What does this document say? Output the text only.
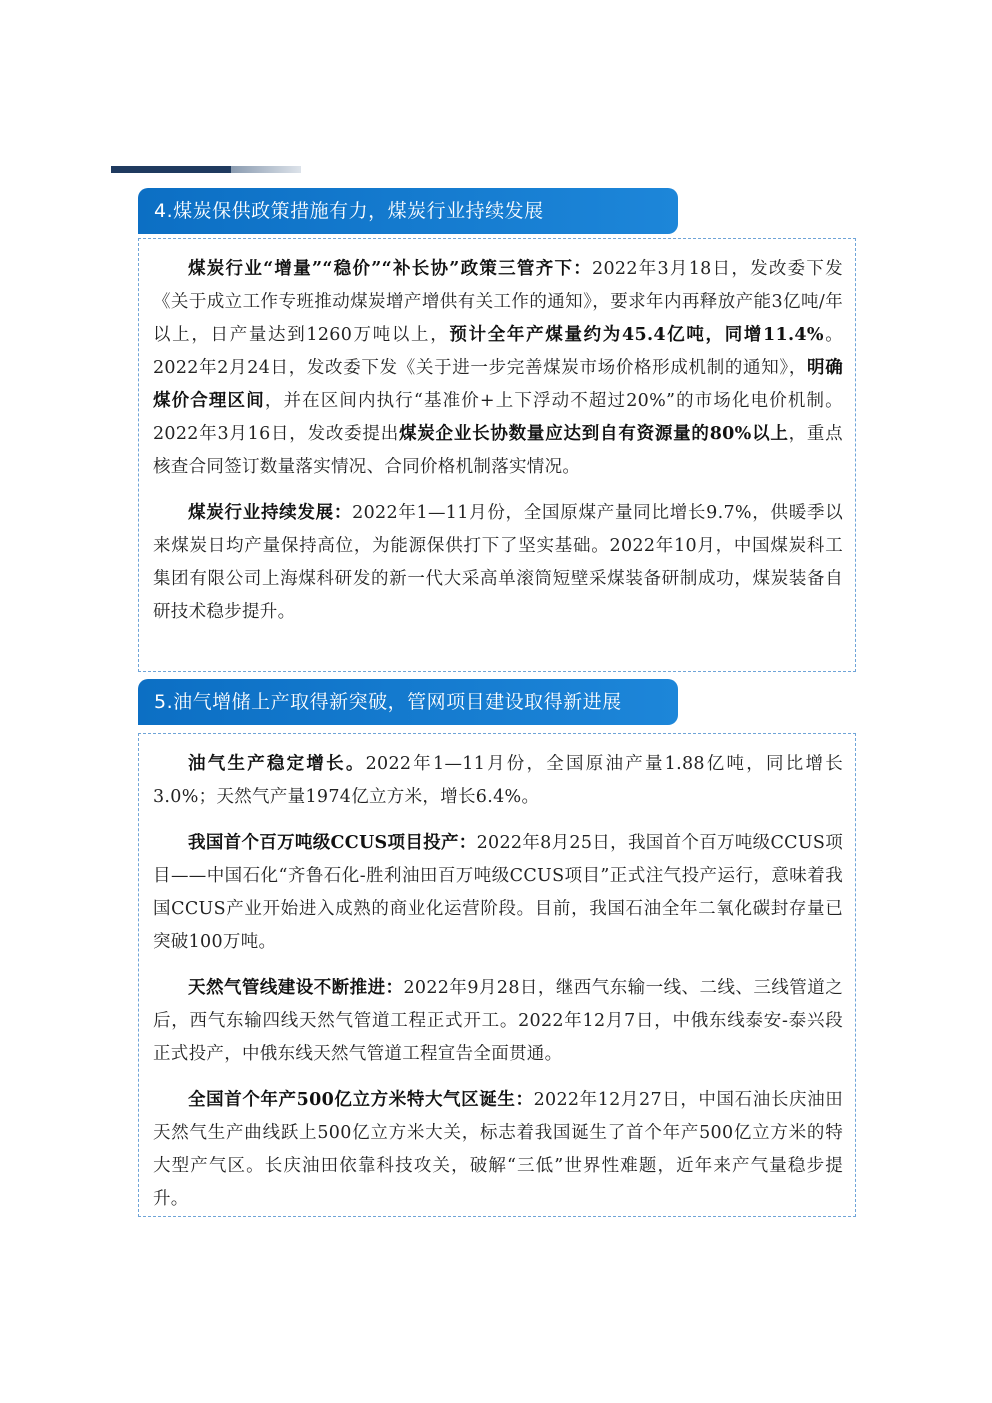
4.煤炭保供政策措施有力，煤炭行业持续发展

煤炭行业“增量”“稳价”“补长协”政策三管齐下：2022年3月18日，发改委下发《关于成立工作专班推动煤炭增产增供有关工作的通知》，要求年内再释放产能3亿吨/年以上，日产量达到1260万吨以上，预计全年产煤量约为45.4亿吨，同增11.4%。2022年2月24日，发改委下发《关于进一步完善煤炭市场价格形成机制的通知》，明确煤价合理区间，并在区间内执行“基准价+上下浮动不超过20%”的市场化电价机制。2022年3月16日，发改委提出煤炭企业长协数量应达到自有资源量的80%以上，重点核查合同签订数量落实情况、合同价格机制落实情况。

煤炭行业持续发展：2022年1—11月份，全国原煤产量同比增长9.7%，供暖季以来煤炭日均产量保持高位，为能源保供打下了坚实基础。2022年10月，中国煤炭科工集团有限公司上海煤科研发的新一代大采高单滚筒短壁采煤装备研制成功，煤炭装备自研技术稳步提升。

5.油气增储上产取得新突破，管网项目建设取得新进展

油气生产稳定增长。2022年1—11月份，全国原油产量1.88亿吨，同比增长3.0%；天然气产量1974亿立方米，增长6.4%。

我国首个百万吨级CCUS项目投产：2022年8月25日，我国首个百万吨级CCUS项目——中国石化“齐鲁石化-胜利油田百万吨级CCUS项目”正式注气投产运行，意味着我国CCUS产业开始进入成熟的商业化运营阶段。目前，我国石油全年二氧化碳封存量已突破100万吨。

天然气管线建设不断推进：2022年9月28日，继西气东输一线、二线、三线管道之后，西气东输四线天然气管道工程正式开工。2022年12月7日，中俄东线泰安-泰兴段正式投产，中俄东线天然气管道工程宣告全面贯通。

全国首个年产500亿立方米特大气区诞生：2022年12月27日，中国石油长庆油田天然气生产曲线跃上500亿立方米大关，标志着我国诞生了首个年产500亿立方米的特大型产气区。长庆油田依靠科技攻关，破解“三低”世界性难题，近年来产气量稳步提升。
